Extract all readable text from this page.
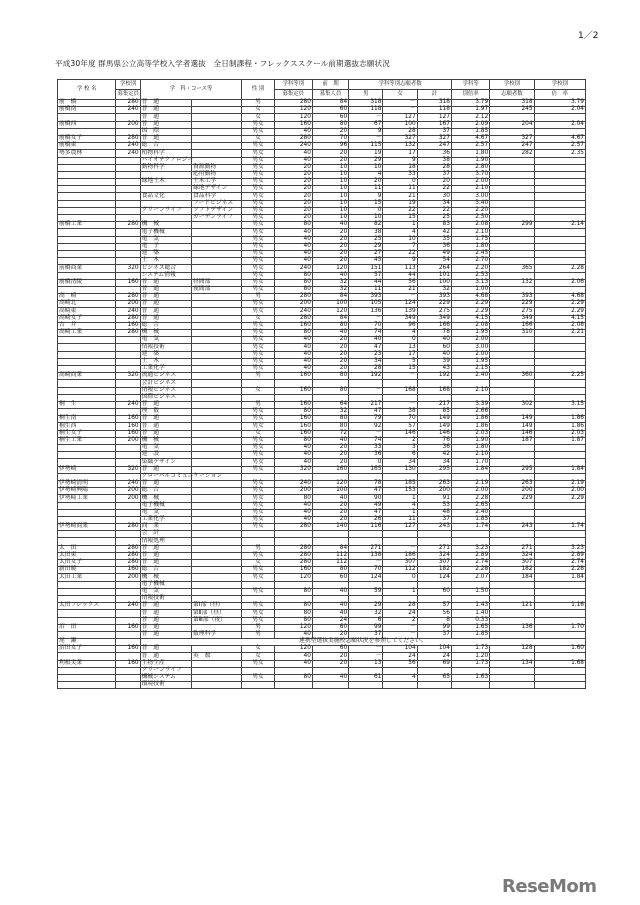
1／2
平成30年度 群馬県公立高等学校入学者選抜　全日制課程・フレックススクール前期選抜志願状況
学 校 名	学校別	学　科・コース等		性 別	学科等別	前　期	学科等別志願者数			学科等	学校別	学校別
	募集定員				募集定員	募集人員	男	女	計	別倍率	志願者数	倍　率
前　橋	280	普　通		男	280	84	318	－	318	3.79	318	3.79
前橋南	240	普　通		女	120	60	118	－	118	1.97	245	2.04
		普　通		女	120	60	－	127	127	2.12		
前橋西	200	普　通		男女	160	80	67	100	167	2.09	204	2.04
		国　際		男女	40	20	9	28	37	1.85		
前橋女子	280	普　通		女	280	70	－	327	327	4.67	327	4.67
前橋東	240	総　合		男女	240	96	115	132	247	2.57	247	2.57
勢多農林	240	植物科学		男女	40	20	19	17	36	1.80	282	2.35
		バイオテクノロジー		男女	40	20	29	9	38	1.90		
		動物科学	資源動物	男女	20	10	10	18	28	2.80		
			応用動物	男女	20	10	4	33	37	3.70		
		緑地土木	土木工学	男女	20	10	20	0	20	2.00		
			緑地デザイン	男女	20	10	11	11	22	2.10		
		食品文化	食品科学	男女	20	10	9	21	30	3.00		
			フードビジネス	男女	20	10	15	19	34	3.40		
		グリーンライフ	ソフトデザイン	男女	20	10	0	22	22	2.20		
			ガーデンライフ	男女	20	10	10	15	25	2.50		
前橋工業	280	機　械		男女	80	40	82	1	83	2.08	299	2.14
		電子機械		男女	40	20	38	4	42	2.10		
		電　気		男女	40	20	25	10	35	1.75		
		電　子		男女	40	20	29	7	36	1.80		
		建　築		男女	40	20	27	22	49	2.45		
		土　木		男女	40	20	45	9	54	2.70		
前橋商業	320	ビジネス総合		男女	240	120	151	113	264	2.20	365	2.28
		システム情報		男女	80	40	57	44	101	2.53		
前橋清陵	160	普　通	昼間部	男女	80	32	44	56	100	3.13	132	2.06
		普　通	夜間部	男女	80	32	11	21	32	1.00		
高　崎	280	普　通		男	280	84	393	－	393	4.68	393	4.68
高崎北	200	普　通		男女	200	100	105	124	229	2.29	229	2.29
高崎東	240	普　通		男女	240	120	136	139	275	2.29	275	2.29
高崎女子	280	普　通		女	280	84	－	349	349	4.15	349	4.15
吉　井	160	総　合		男女	160	80	70	96	166	2.08	166	2.08
高崎工業	280	機　械		男女	80	40	74	4	78	1.95	310	2.21
		電　気		男女	40	20	40	0	40	2.00		
		情報技術		男女	40	20	47	13	60	3.00		
		建　築		男女	40	20	23	17	40	2.00		
		土　木		男女	40	20	34	5	39	1.95		
		工業化学		男女	40	20	28	15	43	2.15		
高崎商業	320	流通ビジネス		男	160	80	192	－	192	2.40	360	2.25
		会計ビジネス										
		情報ビジネス		女	160	80	－	168	168	2.10		
		国際ビジネス										
桐　生	240	普　通		男	160	64	217	－	217	3.39	302	3.15
		理　数		男女	80	32	47	38	85	2.66		
桐生南	160	普　通		男女	160	80	79	70	149	1.86	149	1.86
桐生西	160	普　通		男女	160	80	92	57	149	1.86	149	1.86
桐生女子	160	普　通		女	160	72	－	146	146	2.03	146	2.03
桐生工業	200	機　械		男女	80	40	74	2	76	1.90	187	1.87
		電　気		男女	40	20	33	3	36	1.80		
		建　設		男女	40	20	36	6	42	2.10		
		染織デザイン		男女	40	20	0	34	34	1.70		
伊勢崎	320	普　通		男女	320	160	165	130	295	1.84	295	1.84
		グローバルコミュニケーション										
伊勢崎清明	240	普　通		男女	240	120	78	185	263	2.19	263	2.19
伊勢崎興陽	200	総　合		男女	200	100	47	153	200	2.00	200	2.00
伊勢崎工業	200	機　械		男女	80	40	90	1	91	2.28	229	2.29
		電子機械		男女	40	20	49	4	53	2.65		
		電　気		男女	40	20	47	1	48	2.40		
		工業化学		男女	40	20	26	11	37	1.85		
伊勢崎商業	280	商　業		男女	280	140	116	127	243	1.74	243	1.74
		会　計										
		情報処理										
太　田	280	普　通		男	280	84	271	－	271	3.23	271	3.23
太田東	280	普　通		男女	280	112	138	186	324	2.89	324	2.89
太田女子	280	普　通		女	280	112	－	307	307	2.74	307	2.74
新田暁	160	総　合		男女	160	80	70	112	182	2.28	182	2.28
太田工業	200	機　械		男女	120	60	124	0	124	2.07	184	1.84
		電子機械										
		電　気		男女	80	40	59	1	60	1.50		
		情報技術										
太田フレックス	240	普　通	第Ⅰ部（昼）	男女	80	40	29	28	57	1.43	121	1.16
		普　通	第Ⅱ部（昼）	男女	80	40	32	24	56	1.40		
		普　通	第Ⅲ部（夜）	男女	80	24	6	2	8	0.33		
沼　田	160	普　通		男	120	60	99	－	99	1.65	136	1.70
		普　通	数理科学	男	40	20	37	－	37	1.85		
尾　瀬		連携型選抜実施校志願状況を参照してください。										
沼田女子	160	普　通		女	120	60	－	104	104	1.73	128	1.60
		普　通	英　数	女	40	20	－	24	24	1.20		
利根実業	160	生物生産		男女	40	20	13	56	69	1.73	134	1.68
		グリーンライフ										
		機械システム		男女	80	40	61	4	65	1.63		
		環境技術										
ReseMom
